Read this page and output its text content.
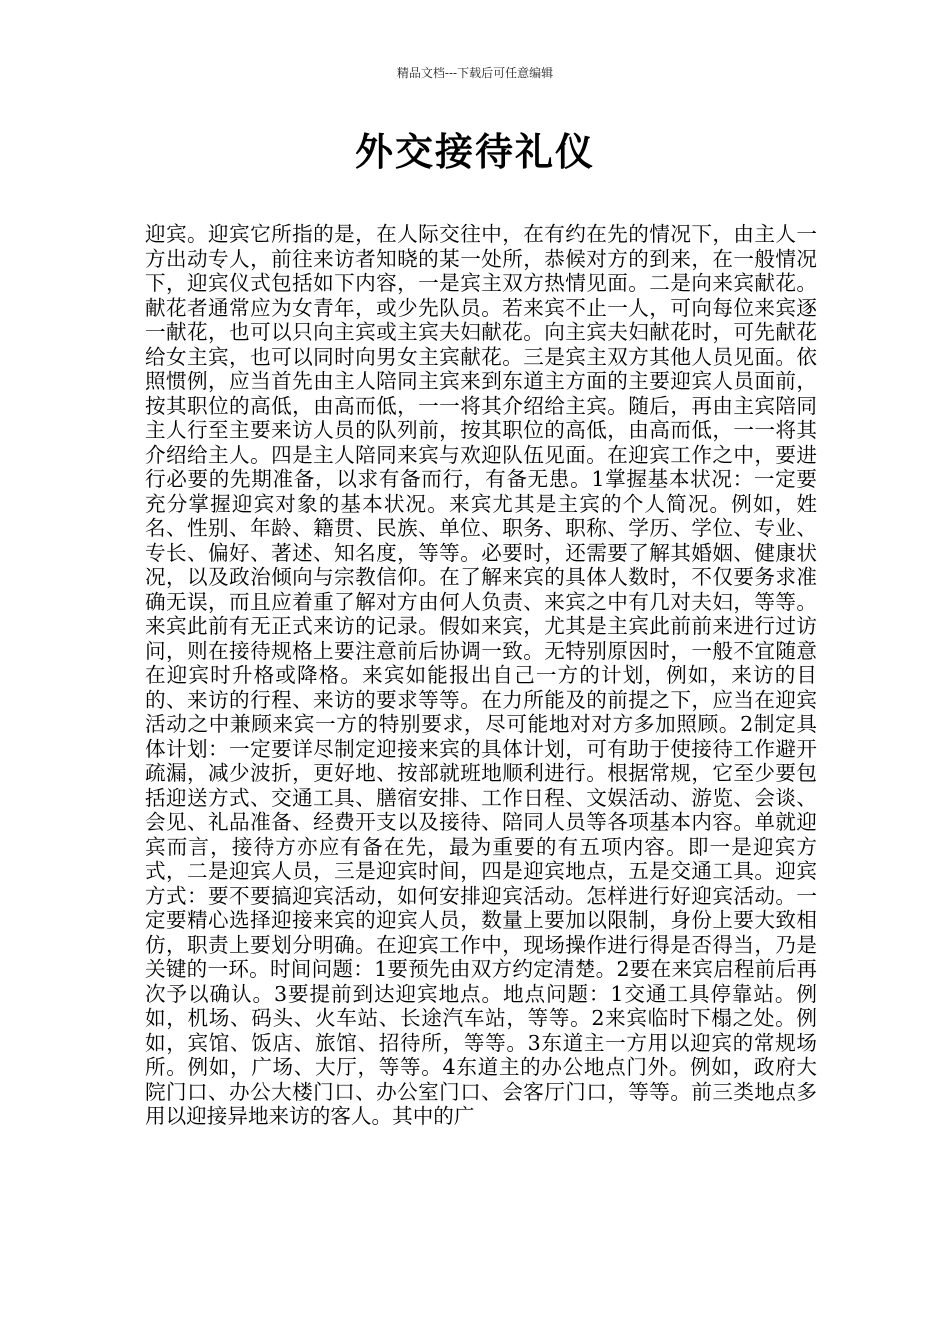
精品文档---下载后可任意编辑
外交接待礼仪

迎宾。迎宾它所指的是，在人际交往中，在有约在先的情况下，由主人一方出动专人，前往来访者知晓的某一处所，恭候对方的到来，在一般情况下，迎宾仪式包括如下内容，一是宾主双方热情见面。二是向来宾献花。献花者通常应为女青年，或少先队员。若来宾不止一人，可向每位来宾逐一献花，也可以只向主宾或主宾夫妇献花。向主宾夫妇献花时，可先献花给女主宾，也可以同时向男女主宾献花。三是宾主双方其他人员见面。依照惯例，应当首先由主人陪同主宾来到东道主方面的主要迎宾人员面前，按其职位的高低，由高而低，一一将其介绍给主宾。随后，再由主宾陪同主人行至主要来访人员的队列前，按其职位的高低，由高而低，一一将其介绍给主人。四是主人陪同来宾与欢迎队伍见面。在迎宾工作之中，要进行必要的先期准备，以求有备而行，有备无患。1掌握基本状况：一定要充分掌握迎宾对象的基本状况。来宾尤其是主宾的个人简况。例如，姓名、性别、年龄、籍贯、民族、单位、职务、职称、学历、学位、专业、专长、偏好、著述、知名度，等等。必要时，还需要了解其婚姻、健康状况，以及政治倾向与宗教信仰。在了解来宾的具体人数时，不仅要务求准确无误，而且应着重了解对方由何人负责、来宾之中有几对夫妇，等等。来宾此前有无正式来访的记录。假如来宾，尤其是主宾此前前来进行过访问，则在接待规格上要注意前后协调一致。无特别原因时，一般不宜随意在迎宾时升格或降格。来宾如能报出自己一方的计划，例如，来访的目的、来访的行程、来访的要求等等。在力所能及的前提之下，应当在迎宾活动之中兼顾来宾一方的特别要求，尽可能地对对方多加照顾。2制定具体计划：一定要详尽制定迎接来宾的具体计划，可有助于使接待工作避开疏漏，减少波折，更好地、按部就班地顺利进行。根据常规，它至少要包括迎送方式、交通工具、膳宿安排、工作日程、文娱活动、游览、会谈、会见、礼品准备、经费开支以及接待、陪同人员等各项基本内容。单就迎宾而言，接待方亦应有备在先，最为重要的有五项内容。即一是迎宾方式，二是迎宾人员，三是迎宾时间，四是迎宾地点，五是交通工具。迎宾方式：要不要搞迎宾活动，如何安排迎宾活动。怎样进行好迎宾活动。一定要精心选择迎接来宾的迎宾人员，数量上要加以限制，身份上要大致相仿，职责上要划分明确。在迎宾工作中，现场操作进行得是否得当，乃是关键的一环。时间问题：1要预先由双方约定清楚。2要在来宾启程前后再次予以确认。3要提前到达迎宾地点。地点问题：1交通工具停靠站。例如，机场、码头、火车站、长途汽车站，等等。2来宾临时下榻之处。例如，宾馆、饭店、旅馆、招待所，等等。3东道主一方用以迎宾的常规场所。例如，广场、大厅，等等。4东道主的办公地点门外。例如，政府大院门口、办公大楼门口、办公室门口、会客厅门口，等等。前三类地点多用以迎接异地来访的客人。其中的广
